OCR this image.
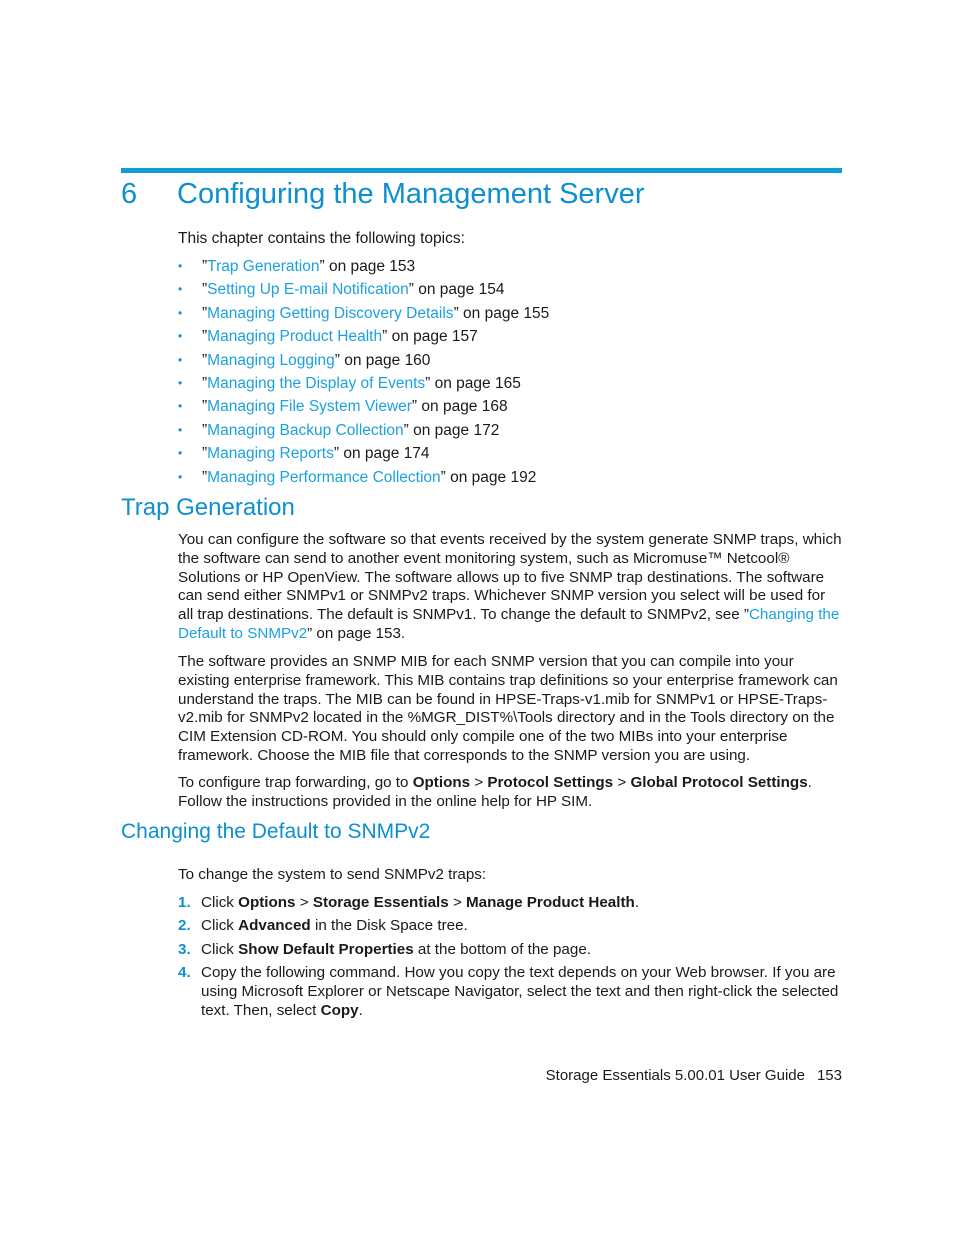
6 Configuring the Management Server
This chapter contains the following topics:
• ”Trap Generation” on page 153
• ”Setting Up E-mail Notification” on page 154
• ”Managing Getting Discovery Details” on page 155
• ”Managing Product Health” on page 157
• ”Managing Logging” on page 160
• ”Managing the Display of Events” on page 165
• ”Managing File System Viewer” on page 168
• ”Managing Backup Collection” on page 172
• ”Managing Reports” on page 174
• ”Managing Performance Collection” on page 192
Trap Generation

You can configure the software so that events received by the system generate SNMP traps, which the software can send to another event monitoring system, such as Micromuse™ Netcool® Solutions or HP OpenView. The software allows up to five SNMP trap destinations. The software can send either SNMPv1 or SNMPv2 traps. Whichever SNMP version you select will be used for all trap destinations. The default is SNMPv1. To change the default to SNMPv2, see ”Changing the Default to SNMPv2” on page 153.

The software provides an SNMP MIB for each SNMP version that you can compile into your existing enterprise framework. This MIB contains trap definitions so your enterprise framework can understand the traps. The MIB can be found in HPSE-Traps-v1.mib for SNMPv1 or HPSE-Traps-v2.mib for SNMPv2 located in the %MGR_DIST%\Tools directory and in the Tools directory on the CIM Extension CD-ROM. You should only compile one of the two MIBs into your enterprise framework. Choose the MIB file that corresponds to the SNMP version you are using.

To configure trap forwarding, go to Options > Protocol Settings > Global Protocol Settings. Follow the instructions provided in the online help for HP SIM.

Changing the Default to SNMPv2

To change the system to send SNMPv2 traps:

1. Click Options > Storage Essentials > Manage Product Health.
2. Click Advanced in the Disk Space tree.
3. Click Show Default Properties at the bottom of the page.
4. Copy the following command. How you copy the text depends on your Web browser. If you are using Microsoft Explorer or Netscape Navigator, select the text and then right-click the selected text. Then, select Copy.
Storage Essentials 5.00.01 User Guide 153
